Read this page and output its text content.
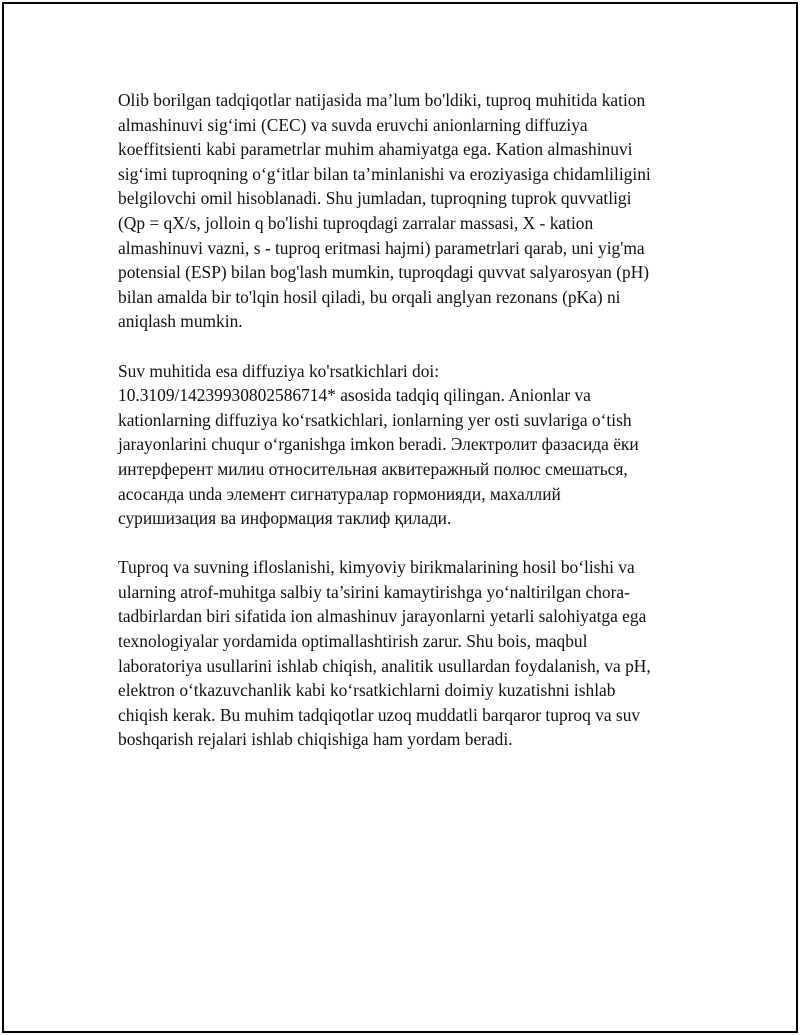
Olib borilgan tadqiqotlar natijasida ma’lum bo'ldiki, tuproq muhitida kation
almashinuvi sig‘imi (CEC) va suvda eruvchi anionlarning diffuziya
koeffitsienti kabi parametrlar muhim ahamiyatga ega. Kation almashinuvi
sig‘imi tuproqning o‘g‘itlar bilan ta’minlanishi va eroziyasiga chidamliligini
belgilovchi omil hisoblanadi. Shu jumladan, tuproqning tuprok quvvatligi
(Qp = qX/s, jolloin q bo'lishi tuproqdagi zarralar massasi, X - kation
almashinuvi vazni, s - tuproq eritmasi hajmi) parametrlari qarab, uni yig'ma
potensial (ESP) bilan bog'lash mumkin, tuproqdagi quvvat salyarosyan (pH)
bilan amalda bir to'lqin hosil qiladi, bu orqali anglyan rezonans (pKa) ni
aniqlash mumkin.

Suv muhitida esa diffuziya ko'rsatkichlari doi:
10.3109/14239930802586714* asosida tadqiq qilingan. Anionlar va
kationlarning diffuziya ko‘rsatkichlari, ionlarning yer osti suvlariga o‘tish
jarayonlarini chuqur o‘rganishga imkon beradi. Электролит фазасида ёки
интерферент милиu относительная аквитеражный полюс смешаться,
асосанда unda элемент сигнатуралар гормонияди, махаллий
суришизация ва информация таклиф қилади.

Tuproq va suvning ifloslanishi, kimyoviy birikmalarining hosil bo‘lishi va
ularning atrof-muhitga salbiy ta’sirini kamaytirishga yo‘naltirilgan chora-
tadbirlardan biri sifatida ion almashinuv jarayonlarni yetarli salohiyatga ega
texnologiyalar yordamida optimallashtirish zarur. Shu bois, maqbul
laboratoriya usullarini ishlab chiqish, analitik usullardan foydalanish, va pH,
elektron o‘tkazuvchanlik kabi ko‘rsatkichlarni doimiy kuzatishni ishlab
chiqish kerak. Bu muhim tadqiqotlar uzoq muddatli barqaror tuproq va suv
boshqarish rejalari ishlab chiqishiga ham yordam beradi.
